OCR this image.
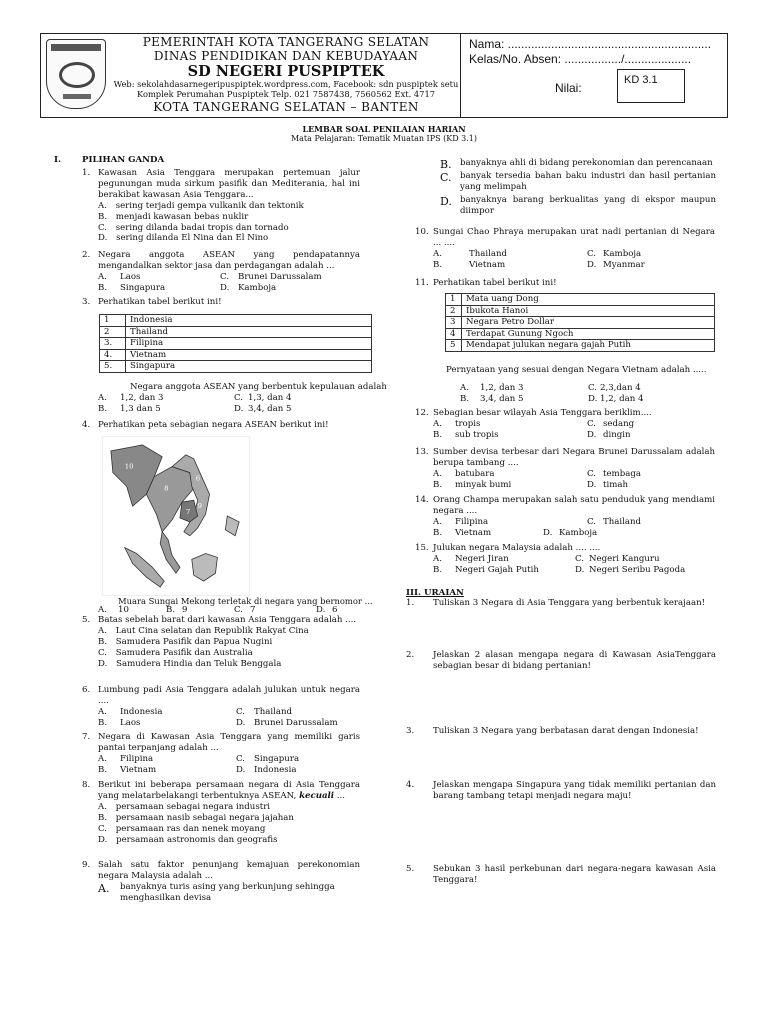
PEMERINTAH KOTA TANGERANG SELATAN
DINAS PENDIDIKAN DAN KEBUDAYAAN
SD NEGERI PUSPIPTEK
Web: sekolahdasarnegeripuspiptek.wordpress.com, Facebook: sdn puspiptek setu
Komplek Perumahan Puspiptek Telp. 021 7587438, 7560562 Ext. 4717
KOTA TANGERANG SELATAN – BANTEN
Nama: .............................................................
Kelas/No. Absen: ................./....................
Nilai:
KD 3.1
LEMBAR SOAL PENILAIAN HARIAN
Mata Pelajaran: Tematik Muatan IPS (KD 3.1)
I. PILIHAN GANDA
1. Kawasan Asia Tenggara merupakan pertemuan jalur pegunungan muda sirkum pasifik dan Mediterania, hal ini berakibat kawasan Asia Tenggara...
A. sering terjadi gempa vulkanik dan tektonik
B. menjadi kawasan bebas nuklir
C. sering dilanda badai tropis dan tornado
D. sering dilanda El Nina dan El Nino
2. Negara anggota ASEAN yang pendapatannya mengandalkan sektor jasa dan perdagangan adalah ...
A. Laos	C. Brunei Darussalam
B. Singapura	D. Kamboja
3. Perhatikan tabel berikut ini!
1	Indonesia
2	Thailand
3.	Filipina
4.	Vietnam
5.	Singapura
Negara anggota ASEAN yang berbentuk kepulauan adalah
A. 1,2, dan 3	C. 1,3, dan 4
B. 1,3 dan 5	D. 3,4, dan 5
4. Perhatikan peta sebagian negara ASEAN berikut ini!
10
8
6
7
9
Muara Sungai Mekong terletak di negara yang bernomor ...
A. 10	B. 9	C. 7	D. 6
5. Batas sebelah barat dari kawasan Asia Tenggara adalah ....
A. Laut Cina selatan dan Republik Rakyat Cina
B. Samudera Pasifik dan Papua Nugini
C. Samudera Pasifik dan Australia
D. Samudera Hindia dan Teluk Benggala
6. Lumbung padi Asia Tenggara adalah julukan untuk negara ....
A. Indonesia	C. Thailand
B. Laos	D. Brunei Darussalam
7. Negara di Kawasan Asia Tenggara yang memiliki garis pantai terpanjang adalah ...
A. Filipina	C. Singapura
B. Vietnam	D. Indonesia
8. Berikut ini beberapa persamaan negara di Asia Tenggara yang melatarbelakangi terbentuknya ASEAN, kecuali ...
A. persamaan sebagai negara industri
B. persamaan nasib sebagai negara jajahan
C. persamaan ras dan nenek moyang
D. persamaan astronomis dan geografis
9. Salah satu faktor penunjang kemajuan perekonomian negara Malaysia adalah ...
A. banyaknya turis asing yang berkunjung sehingga menghasilkan devisa
B. banyaknya ahli di bidang perekonomian dan perencanaan
C. banyak tersedia bahan baku industri dan hasil pertanian yang melimpah
D. banyaknya barang berkualitas yang di ekspor maupun diimpor
10. Sungai Chao Phraya merupakan urat nadi pertanian di Negara ... ....
A.	Thailand	C. Kamboja
B.	Vietnam	D. Myanmar
11. Perhatikan tabel berikut ini!
1	Mata uang Dong
2	Ibukota Hanoi
3	Negara Petro Dollar
4	Terdapat Gunung Ngoch
5	Mendapat julukan negara gajah Putih
Pernyataan yang sesuai dengan Negara Vietnam adalah .....
A. 1,2, dan 3	C. 2,3,dan 4
B. 3,4, dan 5	D. 1,2, dan 4
12. Sebagian besar wilayah Asia Tenggara beriklim....
A. tropis	C. sedang
B. sub tropis	D. dingin
13. Sumber devisa terbesar dari Negara Brunei Darussalam adalah berupa tambang ....
A. batubara	C. tembaga
B. minyak bumi	D. timah
14. Orang Champa merupakan salah satu penduduk yang mendiami negara ....
A. Filipina	C. Thailand
B. Vietnam	D. Kamboja
15. Julukan negara Malaysia adalah .... ....
A. Negeri Jiran	C. Negeri Kanguru
B. Negeri Gajah Putih	D. Negeri Seribu Pagoda
III. URAIAN
1. Tuliskan 3 Negara di Asia Tenggara yang berbentuk kerajaan!
2. Jelaskan 2 alasan mengapa negara di Kawasan AsiaTenggara sebagian besar di bidang pertanian!
3. Tuliskan 3 Negara yang berbatasan darat dengan Indonesia!
4. Jelaskan mengapa Singapura yang tidak memiliki pertanian dan barang tambang tetapi menjadi negara maju!
5. Sebukan 3 hasil perkebunan dari negara-negara kawasan Asia Tenggara!
